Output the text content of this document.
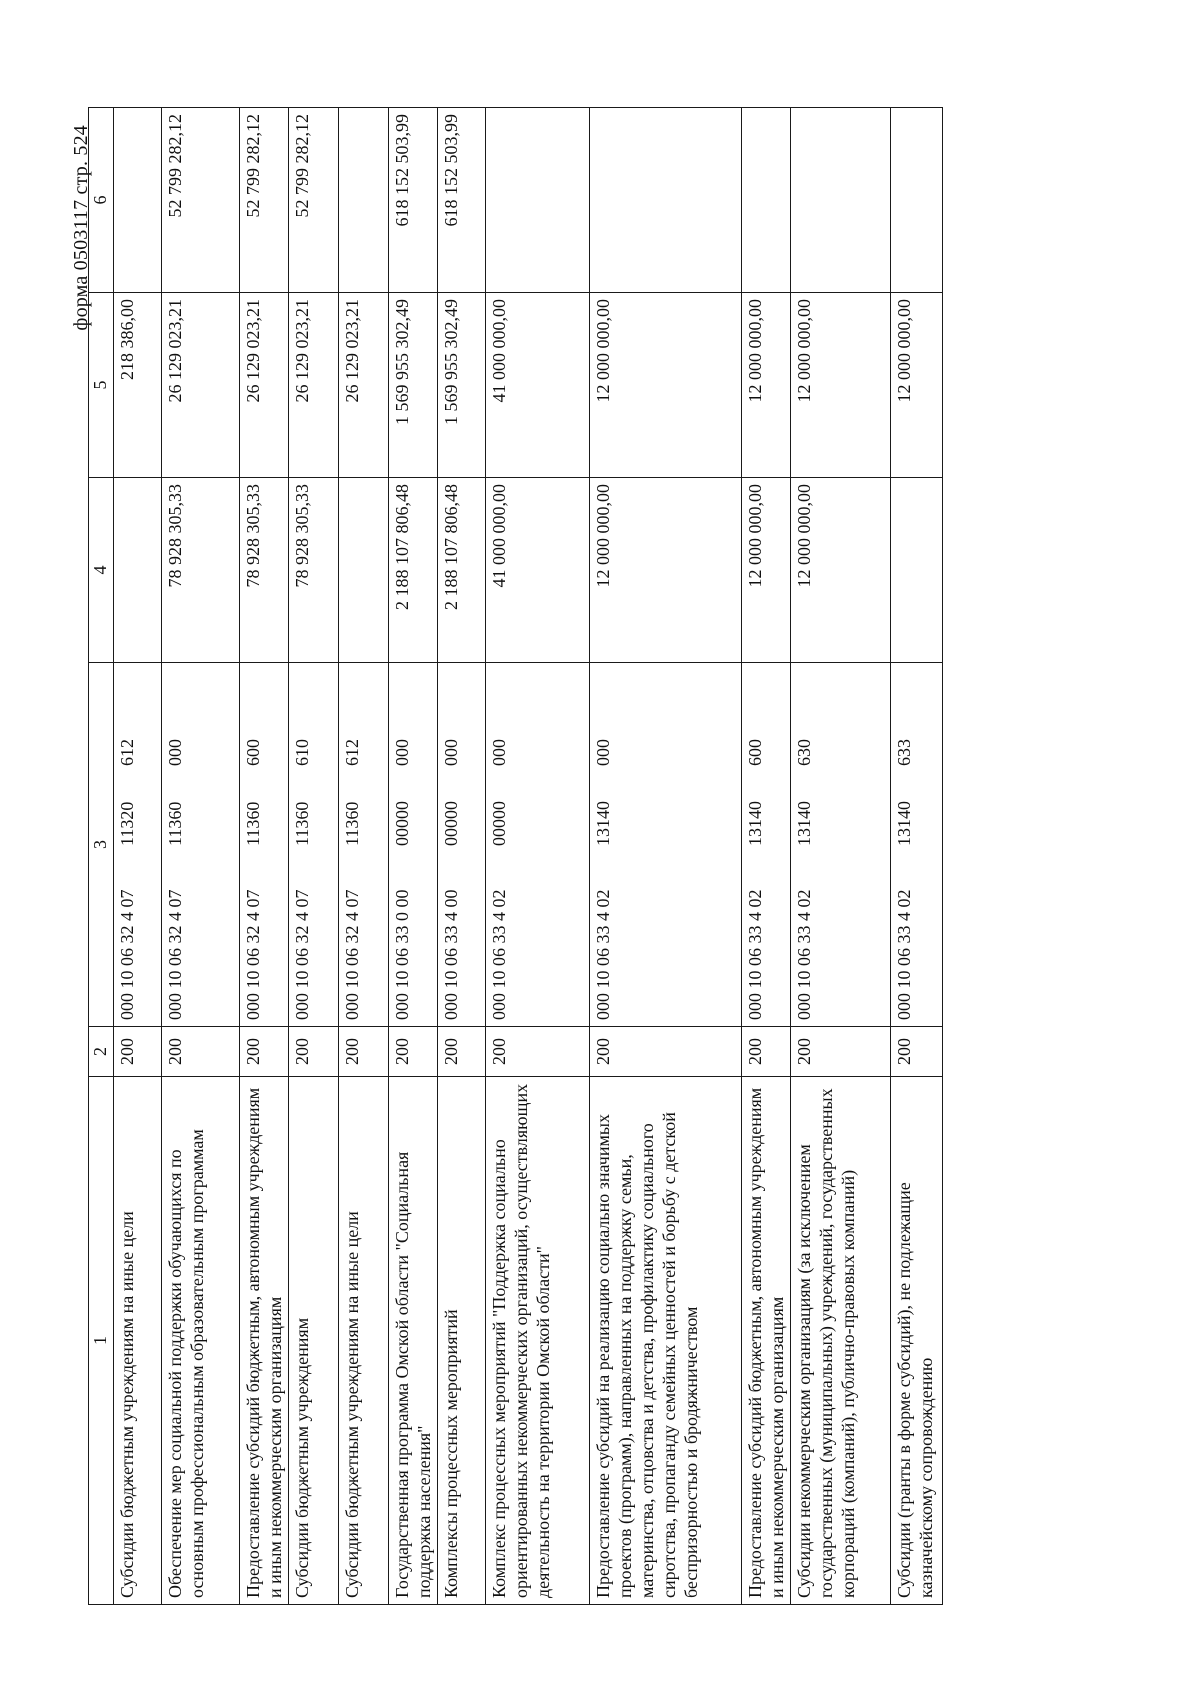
форма 0503117 стр. 524
1	2	3	4	5	6
Субсидии бюджетным учреждениям на иные цели	200	000 10 06 32 4 0711320612		218 386,00	
Обеспечение мер социальной поддержки обучающихся по основным профессиональным образовательным программам	200	000 10 06 32 4 0711360000	78 928 305,33	26 129 023,21	52 799 282,12
Предоставление субсидий бюджетным, автономным учреждениям и иным некоммерческим организациям	200	000 10 06 32 4 0711360600	78 928 305,33	26 129 023,21	52 799 282,12
Субсидии бюджетным учреждениям	200	000 10 06 32 4 0711360610	78 928 305,33	26 129 023,21	52 799 282,12
Субсидии бюджетным учреждениям на иные цели	200	000 10 06 32 4 0711360612		26 129 023,21	
Государственная программа Омской области "Социальная поддержка населения"	200	000 10 06 33 0 0000000000	2 188 107 806,48	1 569 955 302,49	618 152 503,99
Комплексы процессных мероприятий	200	000 10 06 33 4 0000000000	2 188 107 806,48	1 569 955 302,49	618 152 503,99
Комплекс процессных мероприятий "Поддержка социально ориентированных некоммерческих организаций, осуществляющих деятельность на территории Омской области"	200	000 10 06 33 4 0200000000	41 000 000,00	41 000 000,00	
Предоставление субсидий на реализацию социально значимых проектов (программ), направленных на поддержку семьи, материнства, отцовства и детства, профилактику социального сиротства, пропаганду семейных ценностей и борьбу с детской беспризорностью и бродяжничеством	200	000 10 06 33 4 0213140000	12 000 000,00	12 000 000,00	
Предоставление субсидий бюджетным, автономным учреждениям и иным некоммерческим организациям	200	000 10 06 33 4 0213140600	12 000 000,00	12 000 000,00	
Субсидии некоммерческим организациям (за исключением государственных (муниципальных) учреждений, государственных корпораций (компаний), публично-правовых компаний)	200	000 10 06 33 4 0213140630	12 000 000,00	12 000 000,00	
Субсидии (гранты в форме субсидий), не подлежащие казначейскому сопровождению	200	000 10 06 33 4 0213140633		12 000 000,00	
